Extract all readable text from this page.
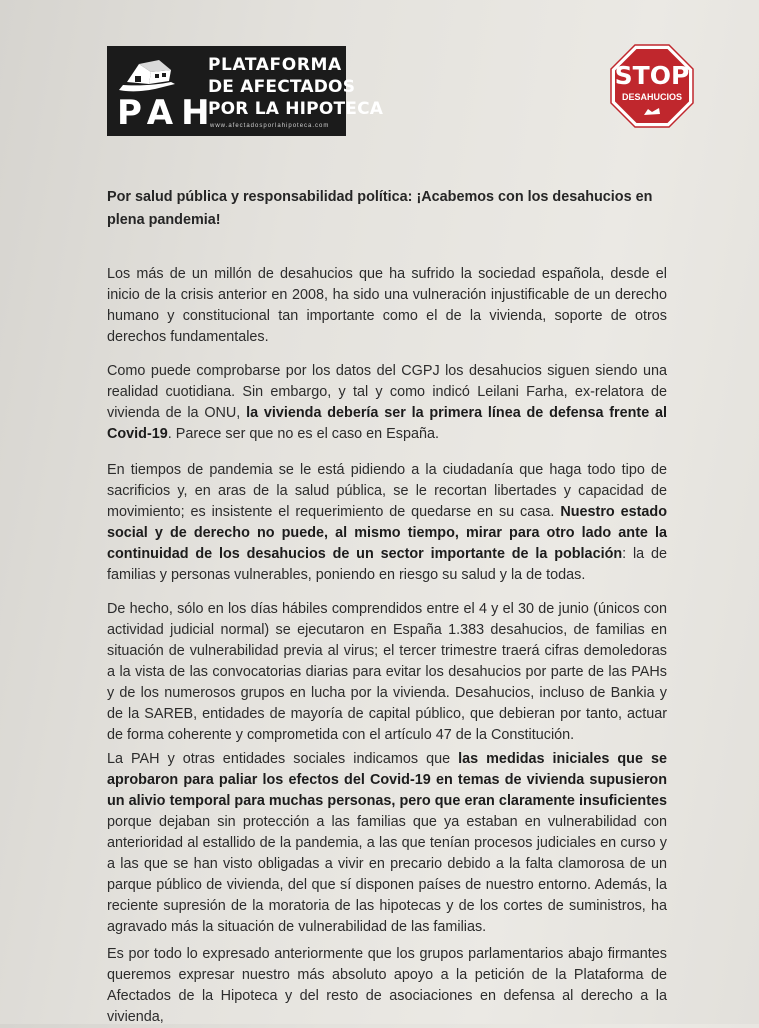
PAH
PLATAFORMA
DE AFECTADOS
POR LA HIPOTECA
www.afectadosporlahipoteca.com
STOP
DESAHUCIOS
Por salud pública y responsabilidad política: ¡Acabemos con los desahucios en plena pandemia!
Los más de un millón de desahucios que ha sufrido la sociedad española, desde el inicio de la crisis anterior en 2008, ha sido una vulneración injustificable de un derecho humano y constitucional tan importante como el de la vivienda, soporte de otros derechos fundamentales.
Como puede comprobarse por los datos del CGPJ los desahucios siguen siendo una realidad cuotidiana. Sin embargo, y tal y como indicó Leilani Farha, ex-relatora de vivienda de la ONU, la vivienda debería ser la primera línea de defensa frente al Covid-19. Parece ser que no es el caso en España.
En tiempos de pandemia se le está pidiendo a la ciudadanía que haga todo tipo de sacrificios y, en aras de la salud pública, se le recortan libertades y capacidad de movimiento; es insistente el requerimiento de quedarse en su casa. Nuestro estado social y de derecho no puede, al mismo tiempo, mirar para otro lado ante la continuidad de los desahucios de un sector importante de la población: la de familias y personas vulnerables, poniendo en riesgo su salud y la de todas.
De hecho, sólo en los días hábiles comprendidos entre el 4 y el 30 de junio (únicos con actividad judicial normal) se ejecutaron en España 1.383 desahucios, de familias en situación de vulnerabilidad previa al virus; el tercer trimestre traerá cifras demoledoras a la vista de las convocatorias diarias para evitar los desahucios por parte de las PAHs y de los numerosos grupos en lucha por la vivienda. Desahucios, incluso de Bankia y de la SAREB, entidades de mayoría de capital público, que debieran por tanto, actuar de forma coherente y comprometida con el artículo 47 de la Constitución.
La PAH y otras entidades sociales indicamos que las medidas iniciales que se aprobaron para paliar los efectos del Covid-19 en temas de vivienda supusieron un alivio temporal para muchas personas, pero que eran claramente insuficientes porque dejaban sin protección a las familias que ya estaban en vulnerabilidad con anterioridad al estallido de la pandemia, a las que tenían procesos judiciales en curso y a las que se han visto obligadas a vivir en precario debido a la falta clamorosa de un parque público de vivienda, del que sí disponen países de nuestro entorno. Además, la reciente supresión de la moratoria de las hipotecas y de los cortes de suministros, ha agravado más la situación de vulnerabilidad de las familias.
Es por todo lo expresado anteriormente que los grupos parlamentarios abajo firmantes queremos expresar nuestro más absoluto apoyo a la petición de la Plataforma de Afectados de la Hipoteca y del resto de asociaciones en defensa al derecho a la vivienda,
